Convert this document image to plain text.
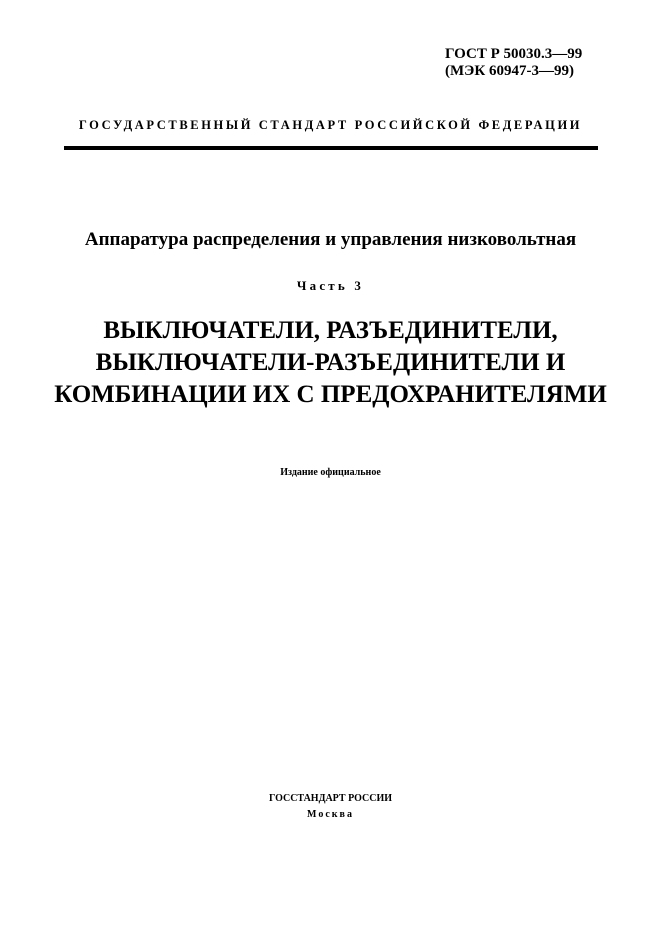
ГОСТ Р 50030.3—99
(МЭК 60947-3—99)
ГОСУДАРСТВЕННЫЙ СТАНДАРТ РОССИЙСКОЙ ФЕДЕРАЦИИ
Аппаратура распределения и управления низковольтная
Часть 3
ВЫКЛЮЧАТЕЛИ, РАЗЪЕДИНИТЕЛИ,
ВЫКЛЮЧАТЕЛИ-РАЗЪЕДИНИТЕЛИ И
КОМБИНАЦИИ ИХ С ПРЕДОХРАНИТЕЛЯМИ
Издание официальное
ГОССТАНДАРТ РОССИИ
Москва
